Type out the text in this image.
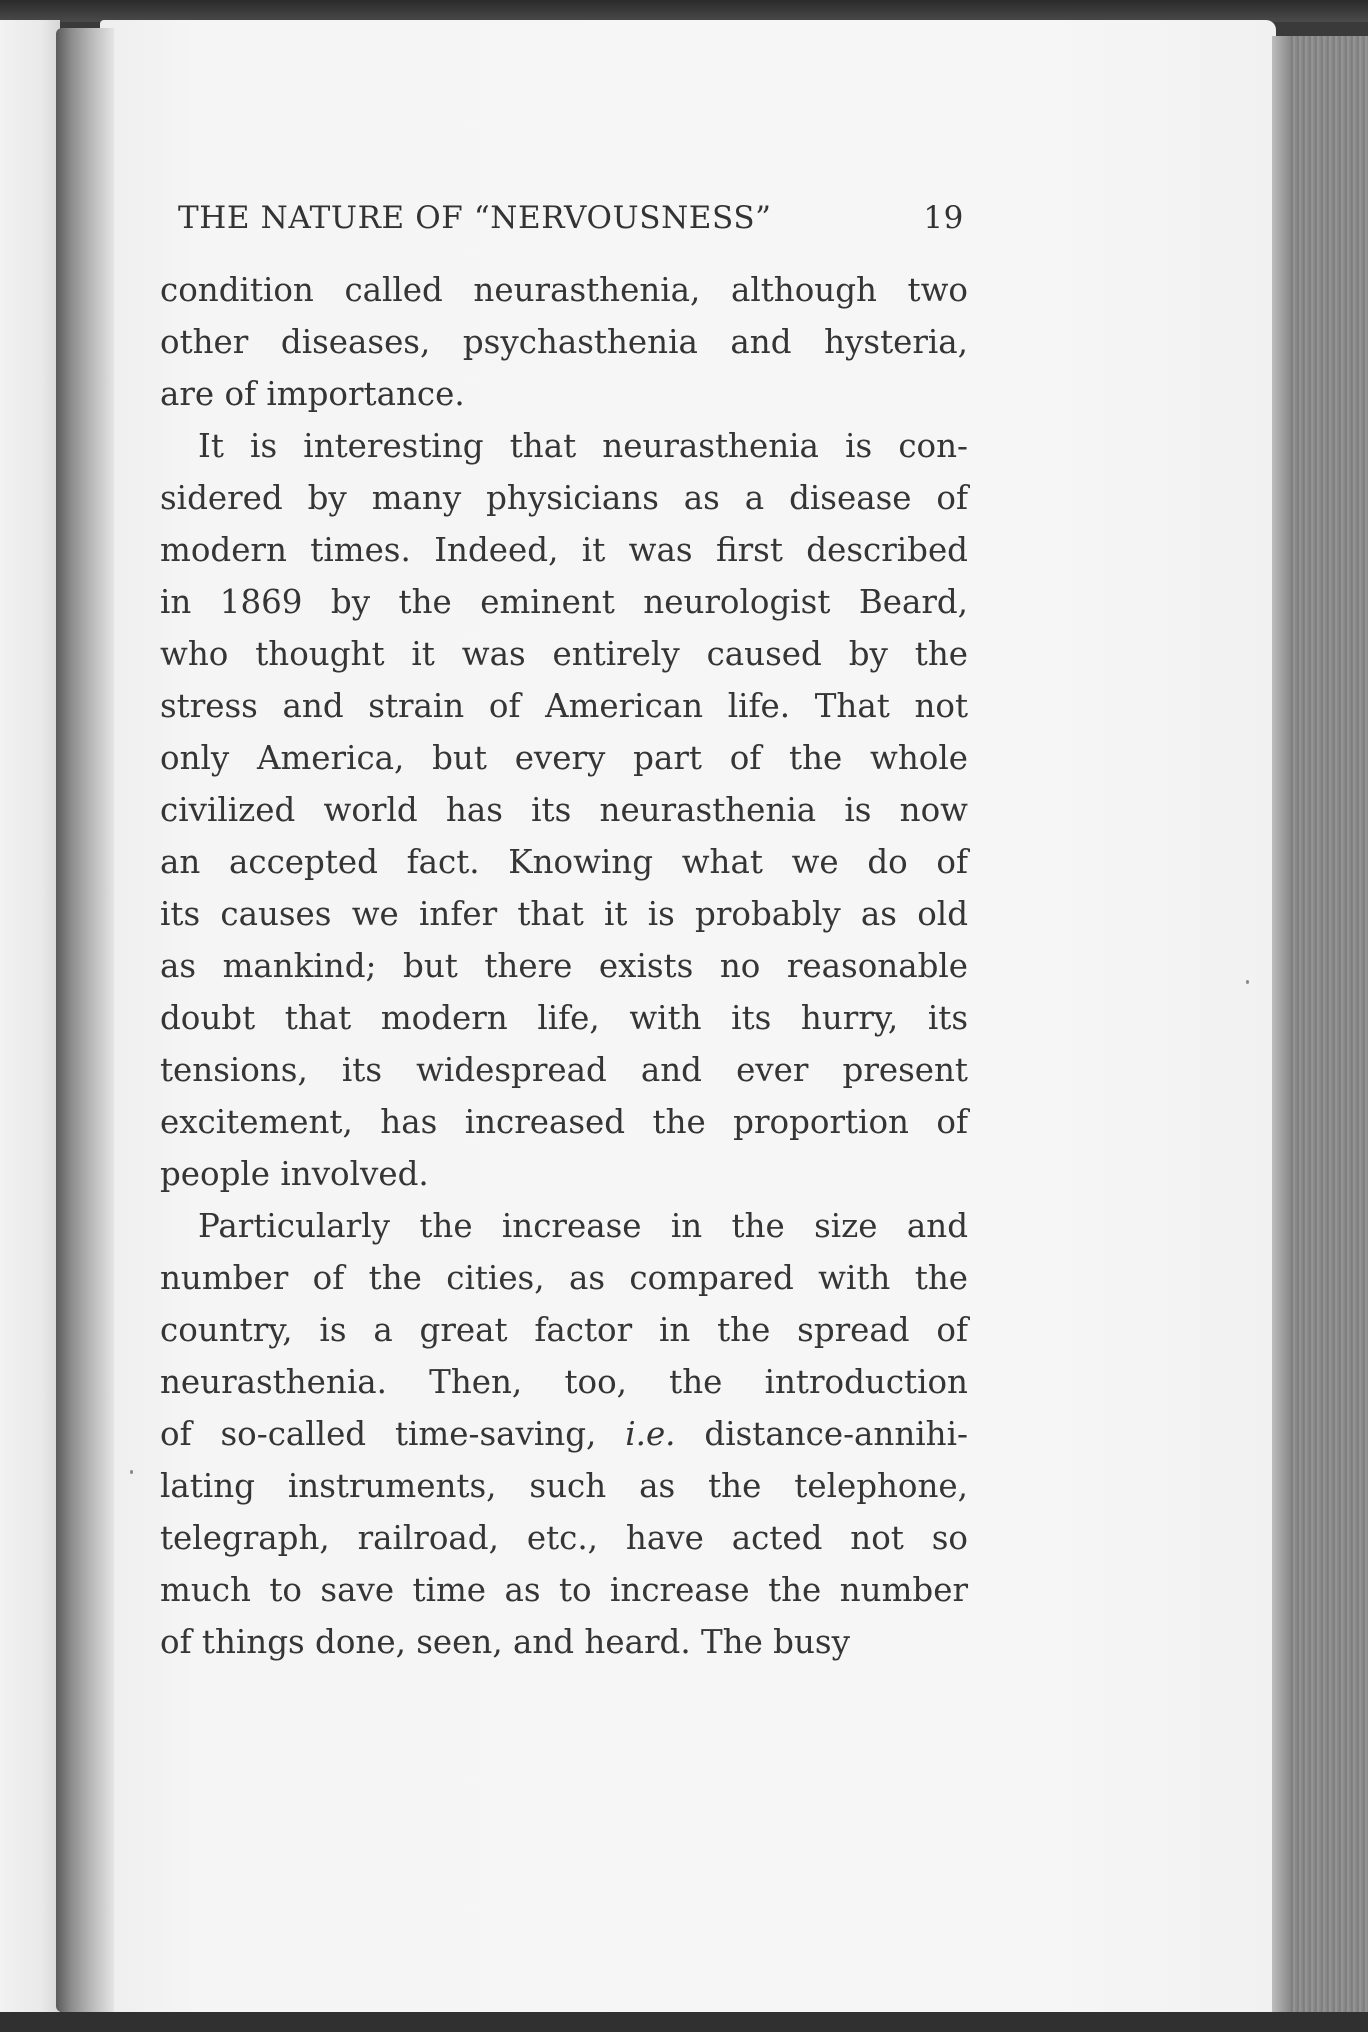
THE NATURE OF “NERVOUSNESS”	19

condition called neurasthenia, although two
other diseases, psychasthenia and hysteria,
are of importance.

It is interesting that neurasthenia is con-
sidered by many physicians as a disease of
modern times. Indeed, it was first described
in 1869 by the eminent neurologist Beard,
who thought it was entirely caused by the
stress and strain of American life. That not
only America, but every part of the whole
civilized world has its neurasthenia is now
an accepted fact. Knowing what we do of
its causes we infer that it is probably as old
as mankind; but there exists no reasonable
doubt that modern life, with its hurry, its
tensions, its widespread and ever present
excitement, has increased the proportion of
people involved.

Particularly the increase in the size and
number of the cities, as compared with the
country, is a great factor in the spread of
neurasthenia. Then, too, the introduction
of so-called time-saving, i.e. distance-annihi-
lating instruments, such as the telephone,
telegraph, railroad, etc., have acted not so
much to save time as to increase the number
of things done, seen, and heard. The busy
